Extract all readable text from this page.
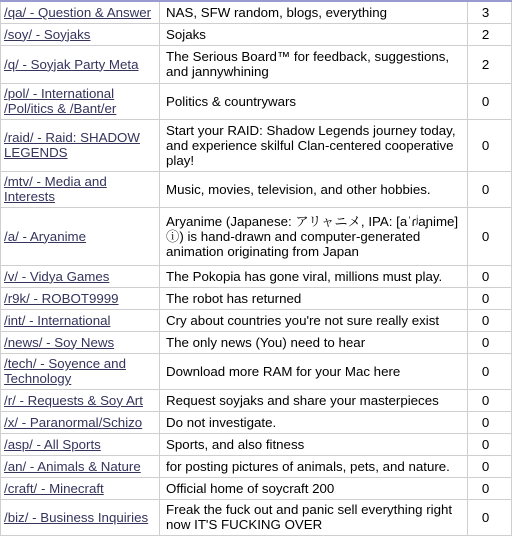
/qa/ - Question & Answer	NAS, SFW random, blogs, everything	3
/soy/ - Soyjaks	Sojaks	2
/q/ - Soyjak Party Meta	The Serious Board™ for feedback, suggestions, and jannywhining	2
/pol/ - International /Pol/itics & /Bant/er	Politics & countrywars	0
/raid/ - Raid: SHADOW LEGENDS	Start your RAID: Shadow Legends journey today, and experience skilful Clan-centered cooperative play!	0
/mtv/ - Media and Interests	Music, movies, television, and other hobbies.	0
/a/ - Aryanime	Aryanime (Japanese: アリャニメ, IPA: [aˈɾʲaɲime] ⓘ) is hand-drawn and computer-generated animation originating from Japan	0
/v/ - Vidya Games	The Pokopia has gone viral, millions must play.	0
/r9k/ - ROBOT9999	The robot has returned	0
/int/ - International	Cry about countries you're not sure really exist	0
/news/ - Soy News	The only news (You) need to hear	0
/tech/ - Soyence and Technology	Download more RAM for your Mac here	0
/r/ - Requests & Soy Art	Request soyjaks and share your masterpieces	0
/x/ - Paranormal/Schizo	Do not investigate.	0
/asp/ - All Sports	Sports, and also fitness	0
/an/ - Animals & Nature	for posting pictures of animals, pets, and nature.	0
/craft/ - Minecraft	Official home of soycraft 200	0
/biz/ - Business Inquiries	Freak the fuck out and panic sell everything right now IT'S FUCKING OVER	0
